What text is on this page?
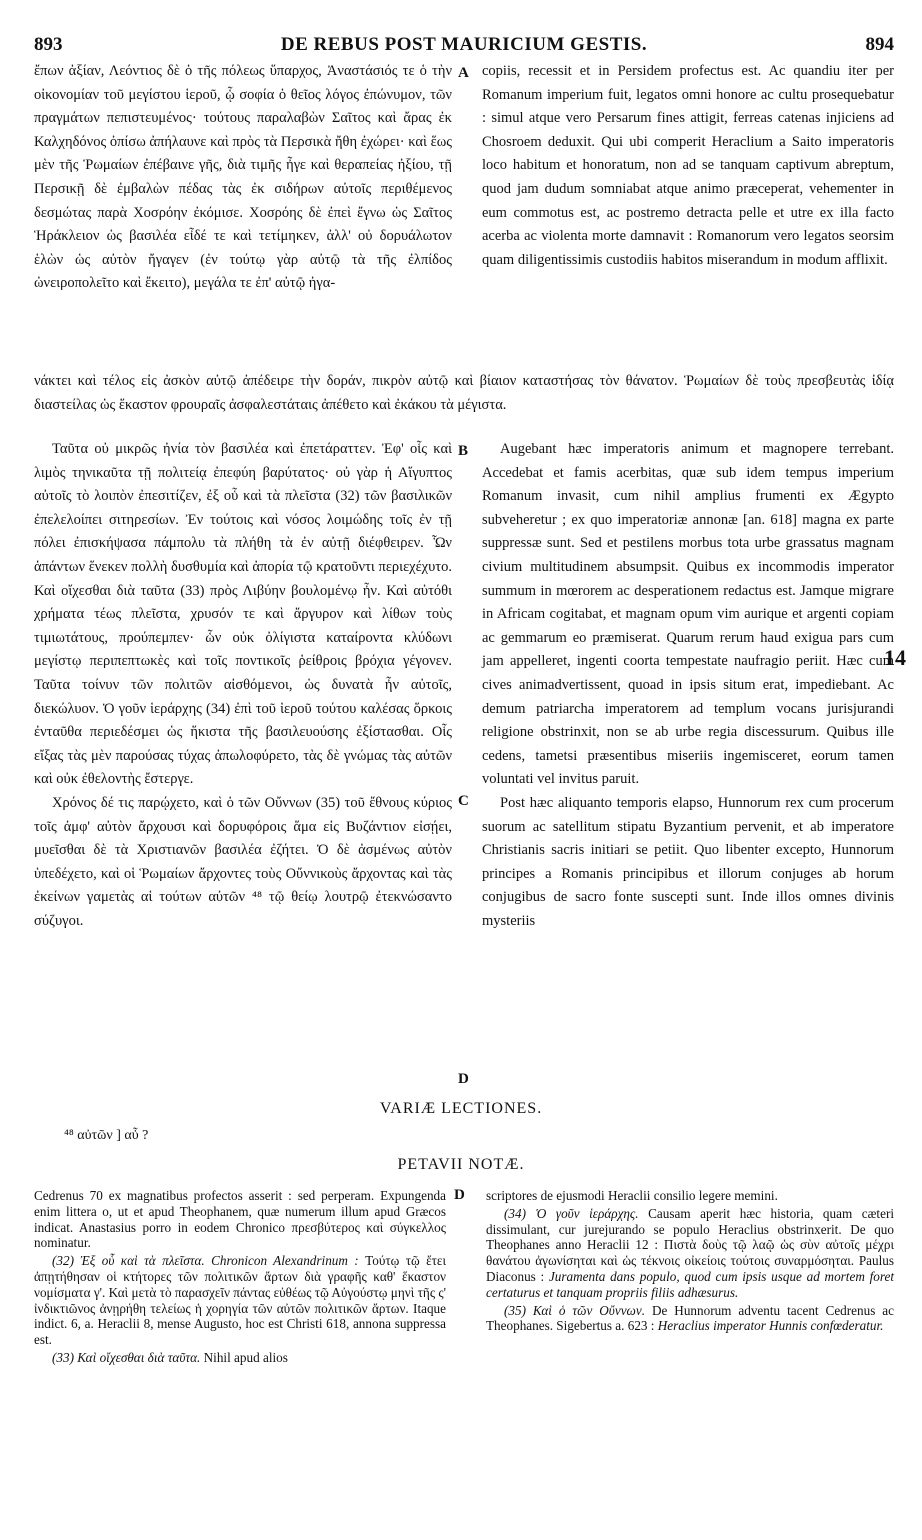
893	DE REBUS POST MAURICIUM GESTIS.	894

ἔπων ἀξίαν, Λεόντιος δὲ ὁ τῆς πόλεως ὕπαρχος, Ἀναστάσιός τε ὁ τὴν οἰκονομίαν τοῦ μεγίστου ἱεροῦ, ᾧ σοφία ὁ θεῖος λόγος ἐπώνυμον, τῶν πραγμάτων πεπιστευμένος· τούτους παραλαβὼν Σαῖτος καὶ ἄρας ἐκ Καλχηδόνος ὀπίσω ἀπήλαυνε καὶ πρὸς τὰ Περσικὰ ἤθη ἐχώρει· καὶ ἕως μὲν τῆς Ῥωμαίων ἐπέβαινε γῆς, διὰ τιμῆς ἦγε καὶ θεραπείας ἠξίου, τῇ Περσικῇ δὲ ἐμβαλὼν πέδας τὰς ἐκ σιδήρων αὐτοῖς περιθέμενος δεσμώτας παρὰ Χοσρόην ἐκόμισε. Χοσρόης δὲ ἐπεὶ ἔγνω ὡς Σαῖτος Ἡράκλειον ὡς βασιλέα εἶδέ τε καὶ τετίμηκεν, ἀλλ' οὐ δορυάλωτον ἑλὼν ὡς αὐτὸν ἤγαγεν (ἐν τούτῳ γὰρ αὐτῷ τὰ τῆς ἐλπίδος ὠνειροπολεῖτο καὶ ἔκειτο), μεγάλα τε ἐπ' αὐτῷ ἠγα-

A copiis, recessit et in Persidem profectus est. Ac quandiu iter per Romanum imperium fuit, legatos omni honore ac cultu prosequebatur : simul atque vero Persarum fines attigit, ferreas catenas injiciens ad Chosroem deduxit. Qui ubi comperit Heraclium a Saito imperatoris loco habitum et honoratum, non ad se tanquam captivum abreptum, quod jam dudum somniabat atque animo præceperat, vehementer in eum commotus est, ac postremo detracta pelle et utre ex illa facto acerba ac violenta morte damnavit : Romanorum vero legatos seorsim quam diligentissimis custodiis habitos miserandum in modum afflixit.

νάκτει καὶ τέλος εἰς ἀσκὸν αὐτῷ ἀπέδειρε τὴν δοράν, πικρὸν αὐτῷ καὶ βίαιον καταστήσας τὸν θάνατον. Ῥωμαίων δὲ τοὺς πρεσβευτὰς ἰδίᾳ διαστείλας ὡς ἕκαστον φρουραῖς ἀσφαλεστάταις ἀπέθετο καὶ ἐκάκου τὰ μέγιστα.

Ταῦτα οὐ μικρῶς ἠνία τὸν βασιλέα καὶ ἐπετάραττεν. Ἐφ' οἷς καὶ λιμὸς τηνικαῦτα τῇ πολιτείᾳ ἐπεφύη βαρύτατος· οὐ γὰρ ἡ Αἴγυπτος αὐτοῖς τὸ λοιπὸν ἐπεσιτίζεν, ἐξ οὗ καὶ τὰ πλεῖστα (32) τῶν βασιλικῶν ἐπελελοίπει σιτηρεσίων. Ἐν τούτοις καὶ νόσος λοιμώδης τοῖς ἐν τῇ πόλει ἐπισκήψασα πάμπολυ τὰ πλήθη τὰ ἐν αὐτῇ διέφθειρεν. Ὧν ἁπάντων ἕνεκεν πολλὴ δυσθυμία καὶ ἀπορία τῷ κρατοῦντι περιεχέχυτο. Καὶ οἴχεσθαι διὰ ταῦτα (33) πρὸς Λιβύην βουλομένῳ ἦν. Καὶ αὐτόθι χρήματα τέως πλεῖστα, χρυσόν τε καὶ ἄργυρον καὶ λίθων τοὺς τιμιωτάτους, προύπεμπεν· ὧν οὐκ ὀλίγιστα καταίροντα κλύδωνι μεγίστῳ περιπεπτωκὲς καὶ τοῖς ποντικοῖς ῥείθροις βρόχια γέγονεν. Ταῦτα τοίνυν τῶν πολιτῶν αἰσθόμενοι, ὡς δυνατὰ ἦν αὐτοῖς, διεκώλυον. Ὁ γοῦν ἱεράρχης (34) ἐπὶ τοῦ ἱεροῦ τούτου καλέσας ὅρκοις ἐνταῦθα περιεδέσμει ὡς ἥκιστα τῆς βασιλευούσης ἐξίστασθαι. Οἷς εἴξας τὰς μὲν παρούσας τύχας ἀπωλοφύρετο, τὰς δὲ γνώμας τὰς αὐτῶν καὶ οὐκ ἐθελοντὴς ἔστεργε.

Χρόνος δέ τις παρῴχετο, καὶ ὁ τῶν Οὔννων (35) τοῦ ἔθνους κύριος τοῖς ἀμφ' αὐτὸν ἄρχουσι καὶ δορυφόροις ἅμα εἰς Βυζάντιον εἰσῄει, μυεῖσθαι δὲ τὰ Χριστιανῶν βασιλέα ἐζήτει. Ὁ δὲ ἀσμένως αὐτὸν ὑπεδέχετο, καὶ οἱ Ῥωμαίων ἄρχοντες τοὺς Οὔννικοὺς ἄρχοντας καὶ τὰς ἐκείνων γαμετὰς αἱ τούτων αὐτῶν ⁴⁸ τῷ θείῳ λουτρῷ ἐτεκνώσαντο σύζυγοι.

B
C
D
14

Augebant hæc imperatoris animum et magnopere terrebant. Accedebat et famis acerbitas, quæ sub idem tempus imperium Romanum invasit, cum nihil amplius frumenti ex Ægypto subveheretur ; ex quo imperatoriæ annonæ [an. 618] magna ex parte suppressæ sunt. Sed et pestilens morbus tota urbe grassatus magnam civium multitudinem absumpsit. Quibus ex incommodis imperator summum in mœrorem ac desperationem redactus est. Jamque migrare in Africam cogitabat, et magnam opum vim aurique et argenti copiam ac gemmarum eo præmiserat. Quarum rerum haud exigua pars cum jam appelleret, ingenti coorta tempestate naufragio periit. Hæc cum cives animadvertissent, quoad in ipsis situm erat, impediebant. Ac demum patriarcha imperatorem ad templum vocans jurisjurandi religione obstrinxit, non se ab urbe regia discessurum. Quibus ille cedens, tametsi præsentibus miseriis ingemisceret, eorum tamen voluntati vel invitus paruit.

Post hæc aliquanto temporis elapso, Hunnorum rex cum procerum suorum ac satellitum stipatu Byzantium pervenit, et ab imperatore Christianis sacris initiari se petiit. Quo libenter excepto, Hunnorum principes a Romanis principibus et illorum conjuges ab horum conjugibus de sacro fonte suscepti sunt. Inde illos omnes divinis mysteriis

VARIÆ LECTIONES.
⁴⁸ αὐτῶν ] αὖ ?
PETAVII NOTÆ.

Cedrenus 70 ex magnatibus profectos asserit : sed perperam. Expungenda enim littera ο, ut et apud Theophanem, quæ numerum illum apud Græcos indicat. Anastasius porro in eodem Chronico πρεσβύτερος καὶ σύγκελλος nominatur.

(32) Ἐξ οὗ καὶ τὰ πλεῖστα. Chronicon Alexandrinum : Τούτῳ τῷ ἔτει ἀπῃτήθησαν οἱ κτήτορες τῶν πολιτικῶν ἄρτων διὰ γραφῆς καθ' ἕκαστον νομίσματα γ'. Καὶ μετὰ τὸ παρασχεῖν πάντας εὐθέως τῷ Αὐγούστῳ μηνὶ τῆς ς' ἰνδικτιῶνος ἀνῃρήθη τελείως ἡ χορηγία τῶν αὐτῶν πολιτικῶν ἄρτων. Itaque indict. 6, a. Heraclii 8, mense Augusto, hoc est Christi 618, annona suppressa est.

(33) Καὶ οἴχεσθαι διὰ ταῦτα. Nihil apud alios

D scriptores de ejusmodi Heraclii consilio legere memini.

(34) Ὁ γοῦν ἱεράρχης. Causam aperit hæc historia, quam cæteri dissimulant, cur jurejurando se populo Heraclius obstrinxerit. De quo Theophanes anno Heraclii 12 : Πιστὰ δοὺς τῷ λαῷ ὡς σὺν αὐτοῖς μέχρι θανάτου ἀγωνίσηται καὶ ὡς τέκνοις οἰκείοις τούτοις συναρμόσηται. Paulus Diaconus : Juramenta dans populo, quod cum ipsis usque ad mortem foret certaturus et tanquam propriis filiis adhæsurus.

(35) Καὶ ὁ τῶν Οὔννων. De Hunnorum adventu tacent Cedrenus ac Theophanes. Sigebertus a. 623 : Heraclius imperator Hunnis confœderatur.
